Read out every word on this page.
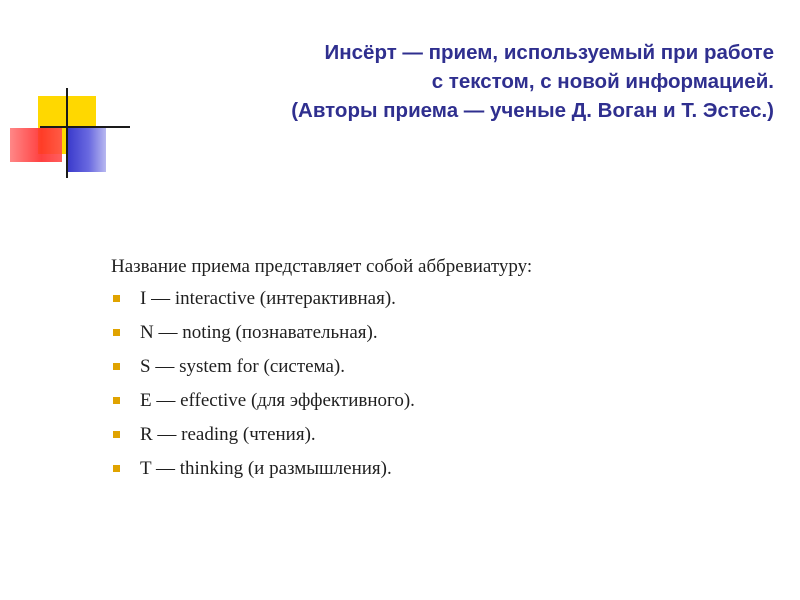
Инсёрт — прием, используемый при работе
с текстом, с новой информацией.
(Авторы приема — ученые Д. Воган и Т. Эстес.)
Название приема представляет собой аббревиатуру:
I — interactive (интерактивная).
N — noting (познавательная).
S — system for (система).
E — effective (для эффективного).
R — reading (чтения).
T — thinking (и размышления).
